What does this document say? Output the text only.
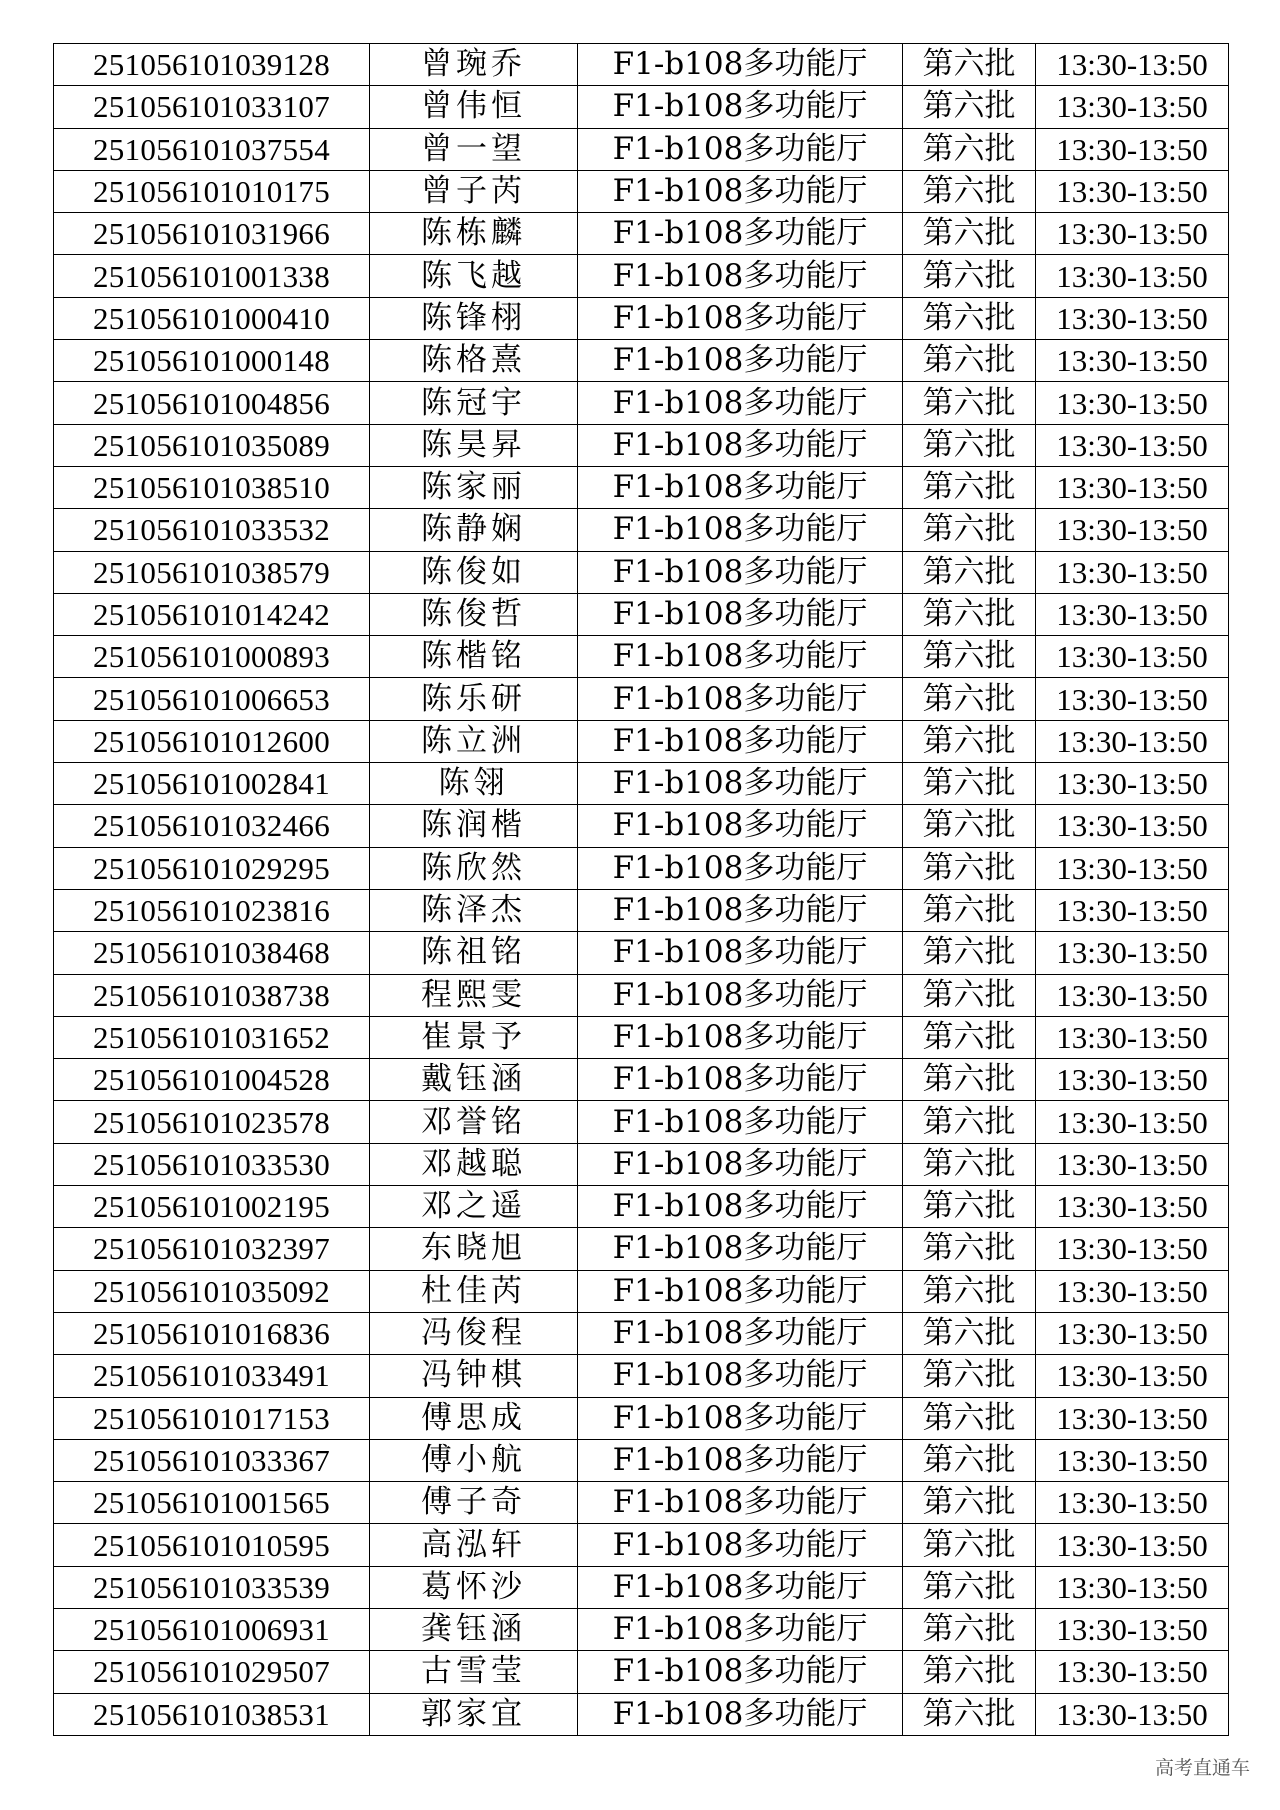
251056101039128	曾琬乔	F1-b108多功能厅	第六批	13:30-13:50
251056101033107	曾伟恒	F1-b108多功能厅	第六批	13:30-13:50
251056101037554	曾一望	F1-b108多功能厅	第六批	13:30-13:50
251056101010175	曾子芮	F1-b108多功能厅	第六批	13:30-13:50
251056101031966	陈栋麟	F1-b108多功能厅	第六批	13:30-13:50
251056101001338	陈飞越	F1-b108多功能厅	第六批	13:30-13:50
251056101000410	陈锋栩	F1-b108多功能厅	第六批	13:30-13:50
251056101000148	陈格熹	F1-b108多功能厅	第六批	13:30-13:50
251056101004856	陈冠宇	F1-b108多功能厅	第六批	13:30-13:50
251056101035089	陈昊昇	F1-b108多功能厅	第六批	13:30-13:50
251056101038510	陈家丽	F1-b108多功能厅	第六批	13:30-13:50
251056101033532	陈静娴	F1-b108多功能厅	第六批	13:30-13:50
251056101038579	陈俊如	F1-b108多功能厅	第六批	13:30-13:50
251056101014242	陈俊哲	F1-b108多功能厅	第六批	13:30-13:50
251056101000893	陈楷铭	F1-b108多功能厅	第六批	13:30-13:50
251056101006653	陈乐研	F1-b108多功能厅	第六批	13:30-13:50
251056101012600	陈立洲	F1-b108多功能厅	第六批	13:30-13:50
251056101002841	陈翎	F1-b108多功能厅	第六批	13:30-13:50
251056101032466	陈润楷	F1-b108多功能厅	第六批	13:30-13:50
251056101029295	陈欣然	F1-b108多功能厅	第六批	13:30-13:50
251056101023816	陈泽杰	F1-b108多功能厅	第六批	13:30-13:50
251056101038468	陈祖铭	F1-b108多功能厅	第六批	13:30-13:50
251056101038738	程熙雯	F1-b108多功能厅	第六批	13:30-13:50
251056101031652	崔景予	F1-b108多功能厅	第六批	13:30-13:50
251056101004528	戴钰涵	F1-b108多功能厅	第六批	13:30-13:50
251056101023578	邓誉铭	F1-b108多功能厅	第六批	13:30-13:50
251056101033530	邓越聪	F1-b108多功能厅	第六批	13:30-13:50
251056101002195	邓之遥	F1-b108多功能厅	第六批	13:30-13:50
251056101032397	东晓旭	F1-b108多功能厅	第六批	13:30-13:50
251056101035092	杜佳芮	F1-b108多功能厅	第六批	13:30-13:50
251056101016836	冯俊程	F1-b108多功能厅	第六批	13:30-13:50
251056101033491	冯钟棋	F1-b108多功能厅	第六批	13:30-13:50
251056101017153	傅思成	F1-b108多功能厅	第六批	13:30-13:50
251056101033367	傅小航	F1-b108多功能厅	第六批	13:30-13:50
251056101001565	傅子奇	F1-b108多功能厅	第六批	13:30-13:50
251056101010595	高泓轩	F1-b108多功能厅	第六批	13:30-13:50
251056101033539	葛怀沙	F1-b108多功能厅	第六批	13:30-13:50
251056101006931	龚钰涵	F1-b108多功能厅	第六批	13:30-13:50
251056101029507	古雪莹	F1-b108多功能厅	第六批	13:30-13:50
251056101038531	郭家宜	F1-b108多功能厅	第六批	13:30-13:50
高考直通车
